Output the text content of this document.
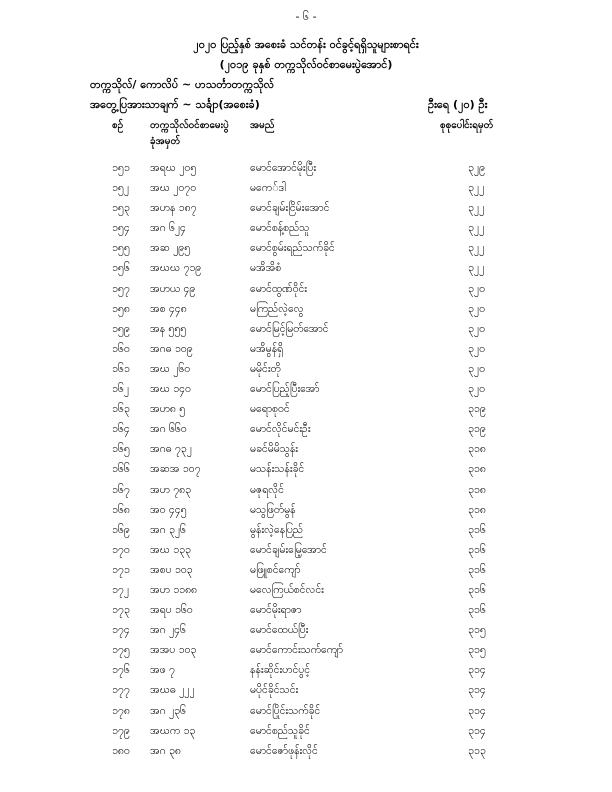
- ၆ -
၂၀၂၀ ပြည့်နှစ် အစေးခံ သင်တန်း ဝင်ခွင့်ရရှိသူများစာရင်း
(၂၀၁၉ ခုနှစ် တက္ကသိုလ်ဝင်စာမေးပွဲအောင်)
တက္ကသိုလ်/ ကောလိပ် ~ ဟသင်္တာတက္ကသိုလ်
အတွေ့ပြအားသာချက် ~ သင်္ချာ(အစေးခံ)	ဦးရေ (၂၀) ဦး
စဉ်	တက္ကသိုလ်ဝင်စာမေးပွဲ
ခုံအမှတ်
အမည်	စုစုပေါင်းရမှတ်
၁၅၁ အရဃ ၂၀၅	မောင်အောင်မိုးပြီး	၃၂၉
၁၅၂ အဃ ၂၀၇၀	မကေ်ဒါ	၃၂၂
၁၅၃ အဟန ၁၈၇	မောင်ချမ်းငြိမ်းအောင်	၃၂၂
၁၅၄ အဂ ၆၂၄	မောင်စန့်စည်သူ	၃၂၂
၁၅၅ အဆ ၂၉၅	မောင်စွမ်းရည်သက်ခိုင်	၃၂၂
၁၅၆ အဃဃ ၇၁၉	မအိအိစံ	၃၂၂
၁၅၇ အဟယ ၄၉	မောင်ထွဏ်ဝိုင်း	၃၂၀
၁၅၈ အစ ၄၄၈	မကြည်လဲ့လွေ	၃၂၀
၁၅၉ အန ၅၅၅	မောင်မြင့်မြတ်အောင်	၃၂၀
၁၆၀ အဂဓ ၁၀၉	မအိမွန်ရှိ	၃၂၀
၁၆၁ အဃ ၂၆၀	မမိုင်းတို	၃၂၀
၁၆၂ အဃ ၁၄၀	မောင်ပြည့်ပြီးအော်	၃၂၀
၁၆၃ အဟ၈ ၅	မရောစုဝင်	၃၁၉
၁၆၄ အဂ ၆၆၀	မောင်လိုင်မင်းဦး	၃၁၉
၁၆၅ အဂဓ ၇၃၂	မခင်မိမိသွန်း	၃၁၈
၁၆၆ အဆအ ၁၀၇	မသန်းသန်းခိုင်	၃၁၈
၁၆၇ အဟ ၇၈၃	မဇုရလိုင်	၃၁၈
၁၆၈ အဝ ၄၄၅	မသွဖြတ်မွန်	၃၁၈
၁၆၉ အဂ ၃၂၆	မွန်းလဲ့နေပြည်	၃၁၆
၁၇၀ အဃ ၁၃၃	မောင်ချမ်းမြေ့အောင်	၃၁၆
၁၇၁ အစပ ၁၀၃	မဖြူစင်ကျော်	၃၁၆
၁၇၂ အဟ ၁၁၈၈	မလေကြယ်စင်လင်း	၃၁၆
၁၇၃ အရပ ၁၆၀	မောင်မိုးရာဇာ	၃၁၆
၁၇၄ အဂ ၂၄၆	မောင်ထေယ်ပြီး	၃၁၅
၁၇၅ အအပ ၁၀၃	မောင်ကောင်းသက်ကျော်	၃၁၅
၁၇၆ အဖ ၇	နန်းဆိုင်းဟင်ပွင့်	၃၁၄
၁၇၇ အဃဓ ၂၂၂	မပိုင်ခိုင်သင်း	၃၁၄
၁၇၈ အဂ ၂၃၆	မောင်ပြိုင်းသက်ခိုင်	၃၁၄
၁၇၉ အဃက ၁၃	မောင်စည်သူခိုင်	၃၁၄
၁၈၀ အဂ ၃၈	မောင်ဇော်ဖုန်းလိုင်	၃၁၃
